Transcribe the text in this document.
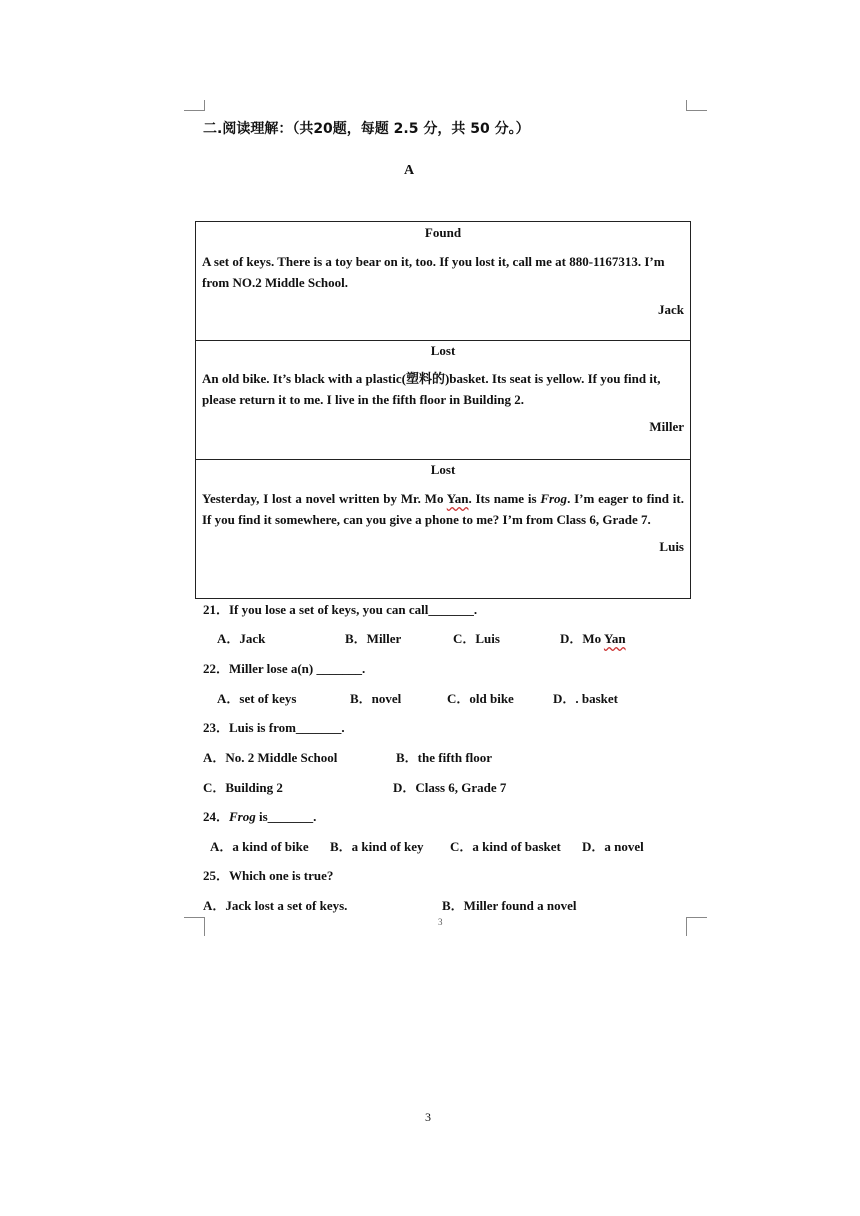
二.阅读理解：（共20题，每题 2.5 分，共 50 分。）
A
Found
A set of keys. There is a toy bear on it, too. If you lost it, call me at 880-1167313. I’m from NO.2 Middle School.
Jack
Lost
An old bike. It’s black with a plastic(塑料的)basket. Its seat is yellow. If you find it, please return it to me. I live in the fifth floor in Building 2.
Miller
Lost
Yesterday, I lost a novel written by Mr. Mo Yan. Its name is Frog. I’m eager to find it. If you find it somewhere, can you give a phone to me? I’m from Class 6, Grade 7.
Luis
21．If you lose a set of keys, you can call_______.
A．Jack	B．Miller	C．Luis	D．Mo Yan
22．Miller lose a(n) _______.
A．set of keys	B．novel	C．old bike	D．. basket
23．Luis is from_______.
A．No. 2 Middle School	B．the fifth floor
C．Building 2	D．Class 6, Grade 7
24．Frog is_______.
A．a kind of bike B．a kind of key C．a kind of basket D．a novel
25．Which one is true?
A．Jack lost a set of keys.	B．Miller found a novel
3
3
